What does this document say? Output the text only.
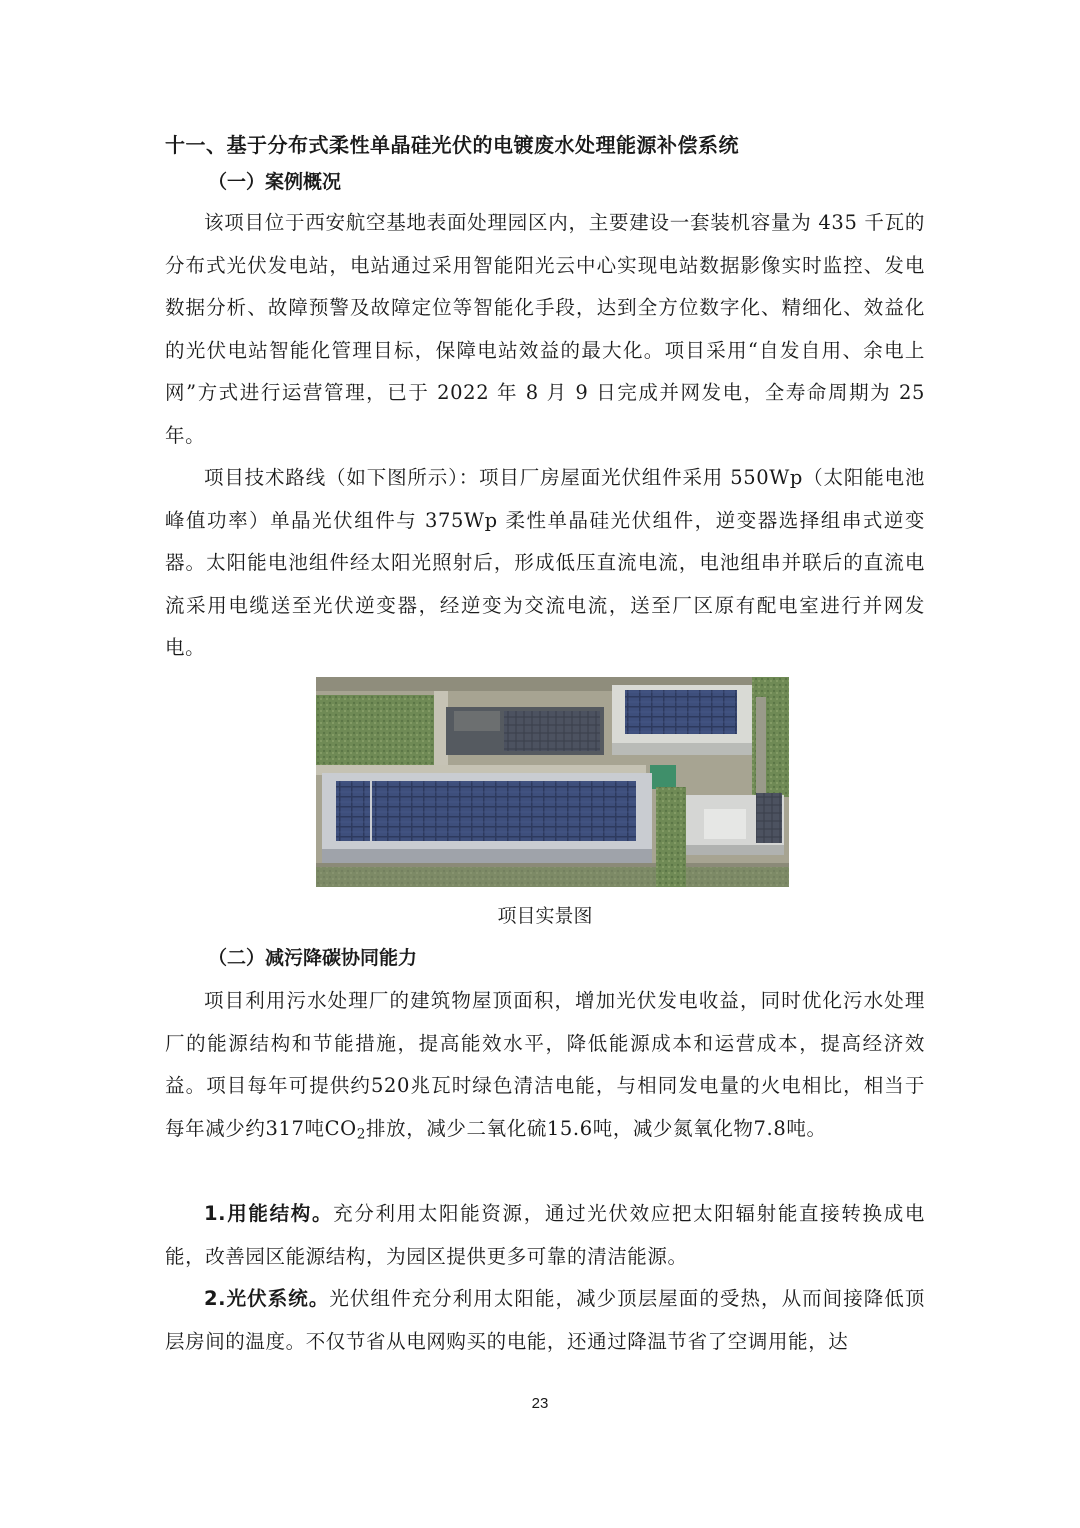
十一、基于分布式柔性单晶硅光伏的电镀废水处理能源补偿系统
（一）案例概况

该项目位于西安航空基地表面处理园区内，主要建设一套装机容量为 435 千瓦的分布式光伏发电站，电站通过采用智能阳光云中心实现电站数据影像实时监控、发电数据分析、故障预警及故障定位等智能化手段，达到全方位数字化、精细化、效益化的光伏电站智能化管理目标，保障电站效益的最大化。项目采用“自发自用、余电上网”方式进行运营管理，已于 2022 年 8 月 9 日完成并网发电，全寿命周期为 25 年。

项目技术路线（如下图所示）：项目厂房屋面光伏组件采用 550Wp（太阳能电池峰值功率）单晶光伏组件与 375Wp 柔性单晶硅光伏组件，逆变器选择组串式逆变器。太阳能电池组件经太阳光照射后，形成低压直流电流，电池组串并联后的直流电流采用电缆送至光伏逆变器，经逆变为交流电流，送至厂区原有配电室进行并网发电。

项目实景图

（二）减污降碳协同能力

项目利用污水处理厂的建筑物屋顶面积，增加光伏发电收益，同时优化污水处理厂的能源结构和节能措施，提高能效水平，降低能源成本和运营成本，提高经济效益。项目每年可提供约520兆瓦时绿色清洁电能，与相同发电量的火电相比，相当于每年减少约317吨$CO_2$排放，减少二氧化硫15.6吨，减少氮氧化物7.8吨。

1.用能结构。充分利用太阳能资源，通过光伏效应把太阳辐射能直接转换成电能，改善园区能源结构，为园区提供更多可靠的清洁能源。

2.光伏系统。光伏组件充分利用太阳能，减少顶层屋面的受热，从而间接降低顶层房间的温度。不仅节省从电网购买的电能，还通过降温节省了空调用能，达

23
